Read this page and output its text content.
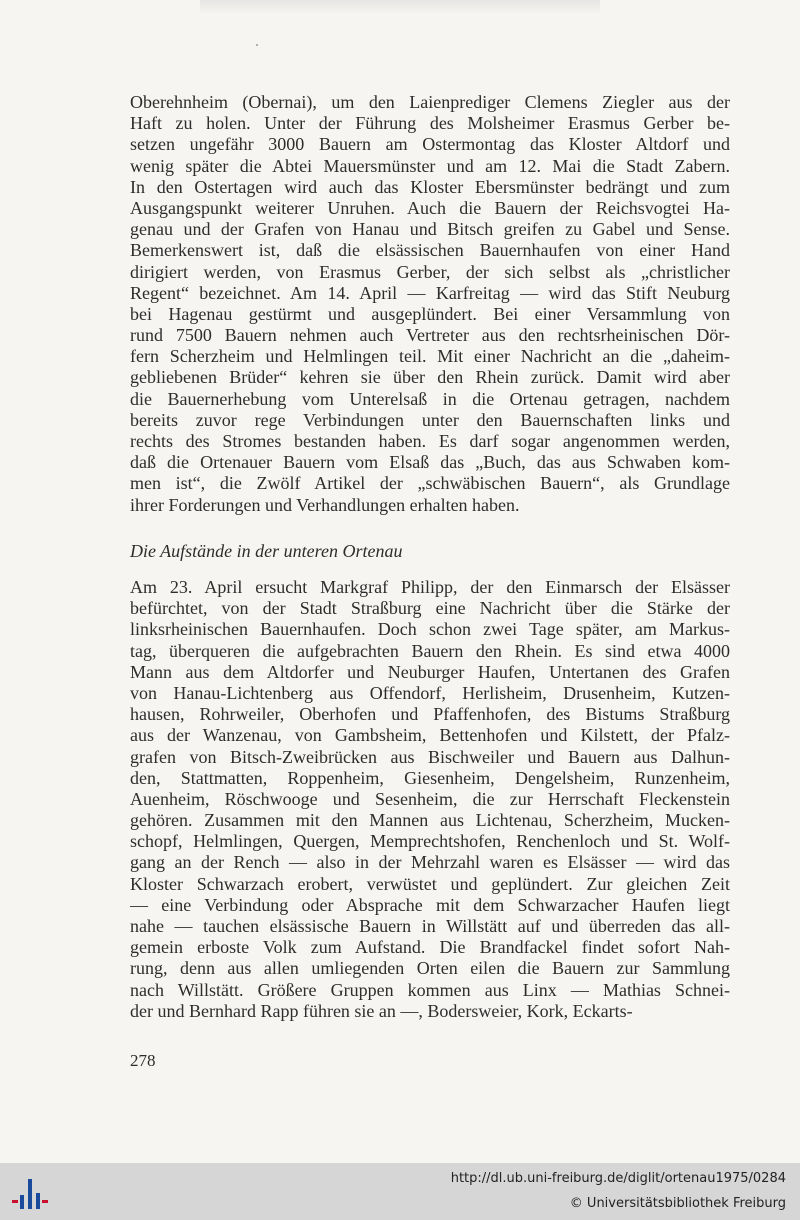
Oberehnheim (Obernai), um den Laienprediger Clemens Ziegler aus der
Haft zu holen. Unter der Führung des Molsheimer Erasmus Gerber be-
setzen ungefähr 3000 Bauern am Ostermontag das Kloster Altdorf und
wenig später die Abtei Mauersmünster und am 12. Mai die Stadt Zabern.
In den Ostertagen wird auch das Kloster Ebersmünster bedrängt und zum
Ausgangspunkt weiterer Unruhen. Auch die Bauern der Reichsvogtei Ha-
genau und der Grafen von Hanau und Bitsch greifen zu Gabel und Sense.
Bemerkenswert ist, daß die elsässischen Bauernhaufen von einer Hand
dirigiert werden, von Erasmus Gerber, der sich selbst als „christlicher
Regent“ bezeichnet. Am 14. April — Karfreitag — wird das Stift Neuburg
bei Hagenau gestürmt und ausgeplündert. Bei einer Versammlung von
rund 7500 Bauern nehmen auch Vertreter aus den rechtsrheinischen Dör-
fern Scherzheim und Helmlingen teil. Mit einer Nachricht an die „daheim-
gebliebenen Brüder“ kehren sie über den Rhein zurück. Damit wird aber
die Bauernerhebung vom Unterelsaß in die Ortenau getragen, nachdem
bereits zuvor rege Verbindungen unter den Bauernschaften links und
rechts des Stromes bestanden haben. Es darf sogar angenommen werden,
daß die Ortenauer Bauern vom Elsaß das „Buch, das aus Schwaben kom-
men ist“, die Zwölf Artikel der „schwäbischen Bauern“, als Grundlage
ihrer Forderungen und Verhandlungen erhalten haben.
Die Aufstände in der unteren Ortenau
Am 23. April ersucht Markgraf Philipp, der den Einmarsch der Elsässer
befürchtet, von der Stadt Straßburg eine Nachricht über die Stärke der
linksrheinischen Bauernhaufen. Doch schon zwei Tage später, am Markus-
tag, überqueren die aufgebrachten Bauern den Rhein. Es sind etwa 4000
Mann aus dem Altdorfer und Neuburger Haufen, Untertanen des Grafen
von Hanau-Lichtenberg aus Offendorf, Herlisheim, Drusenheim, Kutzen-
hausen, Rohrweiler, Oberhofen und Pfaffenhofen, des Bistums Straßburg
aus der Wanzenau, von Gambsheim, Bettenhofen und Kilstett, der Pfalz-
grafen von Bitsch-Zweibrücken aus Bischweiler und Bauern aus Dalhun-
den, Stattmatten, Roppenheim, Giesenheim, Dengelsheim, Runzenheim,
Auenheim, Röschwooge und Sesenheim, die zur Herrschaft Fleckenstein
gehören. Zusammen mit den Mannen aus Lichtenau, Scherzheim, Mucken-
schopf, Helmlingen, Quergen, Memprechtshofen, Renchenloch und St. Wolf-
gang an der Rench — also in der Mehrzahl waren es Elsässer — wird das
Kloster Schwarzach erobert, verwüstet und geplündert. Zur gleichen Zeit
— eine Verbindung oder Absprache mit dem Schwarzacher Haufen liegt
nahe — tauchen elsässische Bauern in Willstätt auf und überreden das all-
gemein erboste Volk zum Aufstand. Die Brandfackel findet sofort Nah-
rung, denn aus allen umliegenden Orten eilen die Bauern zur Sammlung
nach Willstätt. Größere Gruppen kommen aus Linx — Mathias Schnei-
der und Bernhard Rapp führen sie an —, Bodersweier, Kork, Eckarts-
278
http://dl.ub.uni-freiburg.de/diglit/ortenau1975/0284
© Universitätsbibliothek Freiburg
